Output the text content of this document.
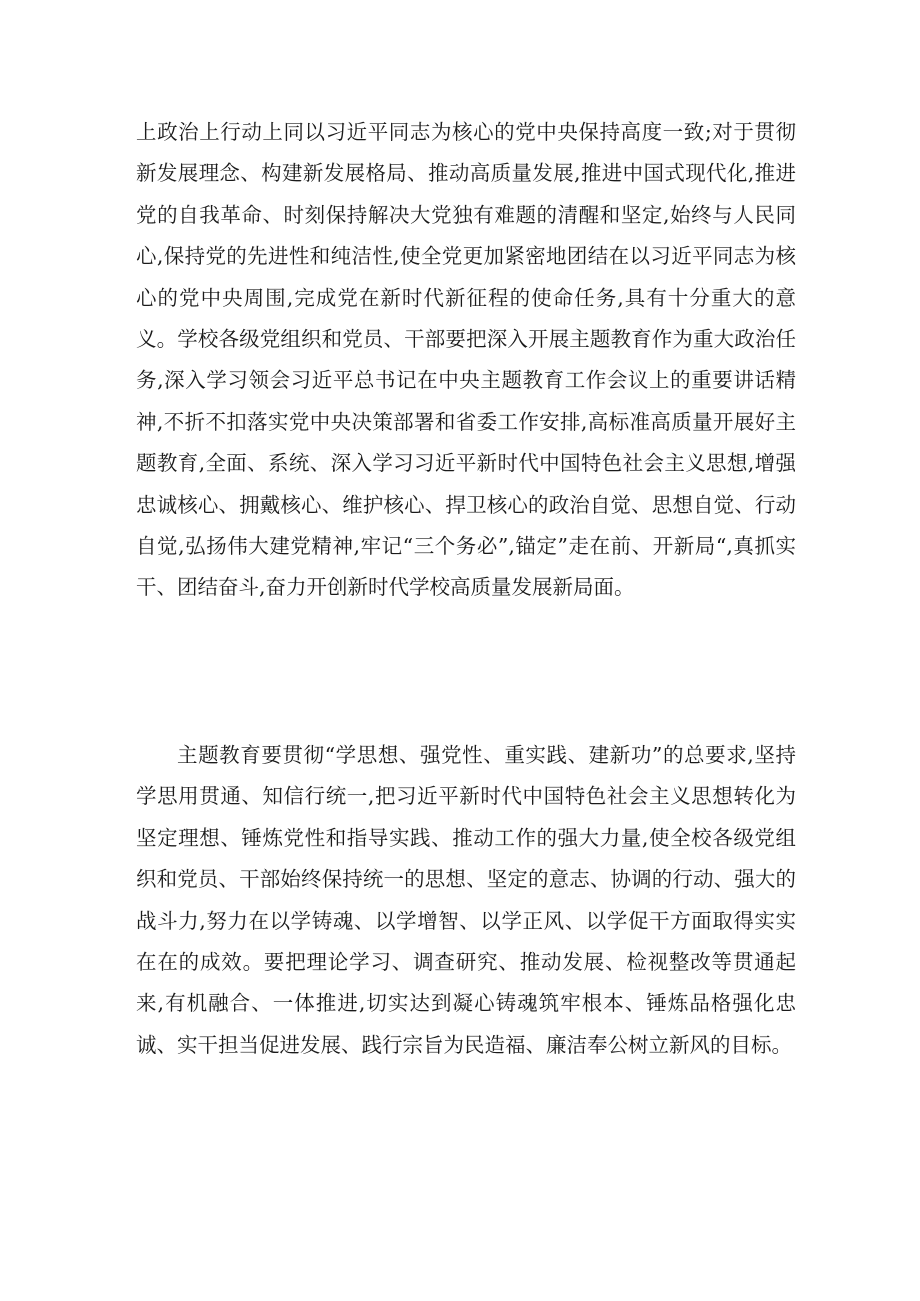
上政治上行动上同以习近平同志为核心的党中央保持高度一致;对于贯彻新发展理念、构建新发展格局、推动高质量发展,推进中国式现代化,推进党的自我革命、时刻保持解决大党独有难题的清醒和坚定,始终与人民同心,保持党的先进性和纯洁性,使全党更加紧密地团结在以习近平同志为核心的党中央周围,完成党在新时代新征程的使命任务,具有十分重大的意义。学校各级党组织和党员、干部要把深入开展主题教育作为重大政治任务,深入学习领会习近平总书记在中央主题教育工作会议上的重要讲话精神,不折不扣落实党中央决策部署和省委工作安排,高标准高质量开展好主题教育,全面、系统、深入学习习近平新时代中国特色社会主义思想,增强忠诚核心、拥戴核心、维护核心、捍卫核心的政治自觉、思想自觉、行动自觉,弘扬伟大建党精神,牢记“三个务必”,锚定”走在前、开新局“,真抓实干、团结奋斗,奋力开创新时代学校高质量发展新局面。

主题教育要贯彻“学思想、强党性、重实践、建新功”的总要求,坚持学思用贯通、知信行统一,把习近平新时代中国特色社会主义思想转化为坚定理想、锤炼党性和指导实践、推动工作的强大力量,使全校各级党组织和党员、干部始终保持统一的思想、坚定的意志、协调的行动、强大的战斗力,努力在以学铸魂、以学增智、以学正风、以学促干方面取得实实在在的成效。要把理论学习、调查研究、推动发展、检视整改等贯通起来,有机融合、一体推进,切实达到凝心铸魂筑牢根本、锤炼品格强化忠诚、实干担当促进发展、践行宗旨为民造福、廉洁奉公树立新风的目标。
